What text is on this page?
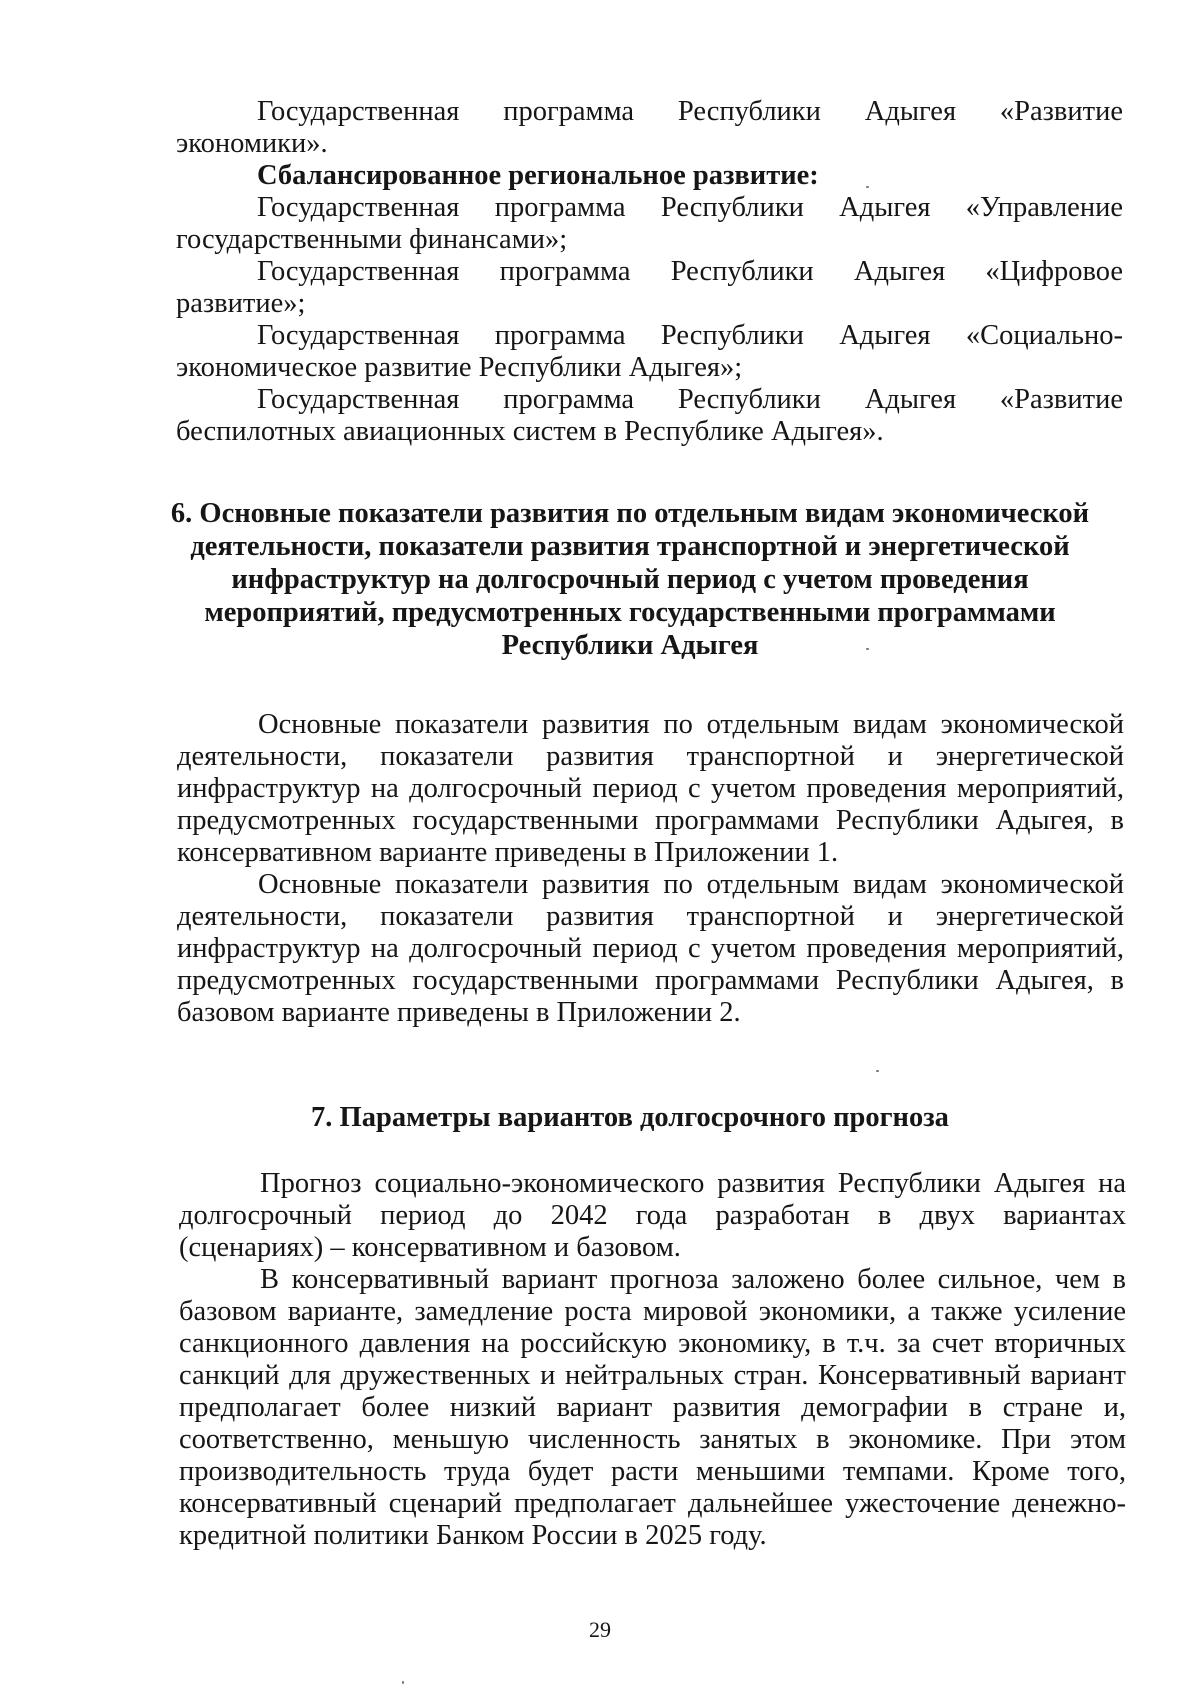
Государственная программа Республики Адыгея «Развитие
экономики».
Сбалансированное региональное развитие:
Государственная программа Республики Адыгея «Управление
государственными финансами»;
Государственная программа Республики Адыгея «Цифровое
развитие»;
Государственная программа Республики Адыгея «Социально-
экономическое развитие Республики Адыгея»;
Государственная программа Республики Адыгея «Развитие
беспилотных авиационных систем в Республике Адыгея».
6. Основные показатели развития по отдельным видам экономической
деятельности, показатели развития транспортной и энергетической
инфраструктур на долгосрочный период с учетом проведения
мероприятий, предусмотренных государственными программами
Республики Адыгея
Основные показатели развития по отдельным видам экономической
деятельности, показатели развития транспортной и энергетической
инфраструктур на долгосрочный период с учетом проведения мероприятий,
предусмотренных государственными программами Республики Адыгея, в
консервативном варианте приведены в Приложении 1.
Основные показатели развития по отдельным видам экономической
деятельности, показатели развития транспортной и энергетической
инфраструктур на долгосрочный период с учетом проведения мероприятий,
предусмотренных государственными программами Республики Адыгея, в
базовом варианте приведены в Приложении 2.
7. Параметры вариантов долгосрочного прогноза
Прогноз социально-экономического развития Республики Адыгея на
долгосрочный период до 2042 года разработан в двух вариантах
(сценариях) – консервативном и базовом.
В консервативный вариант прогноза заложено более сильное, чем в
базовом варианте, замедление роста мировой экономики, а также усиление
санкционного давления на российскую экономику, в т.ч. за счет вторичных
санкций для дружественных и нейтральных стран. Консервативный вариант
предполагает более низкий вариант развития демографии в стране и,
соответственно, меньшую численность занятых в экономике. При этом
производительность труда будет расти меньшими темпами. Кроме того,
консервативный сценарий предполагает дальнейшее ужесточение денежно-
кредитной политики Банком России в 2025 году.
29
